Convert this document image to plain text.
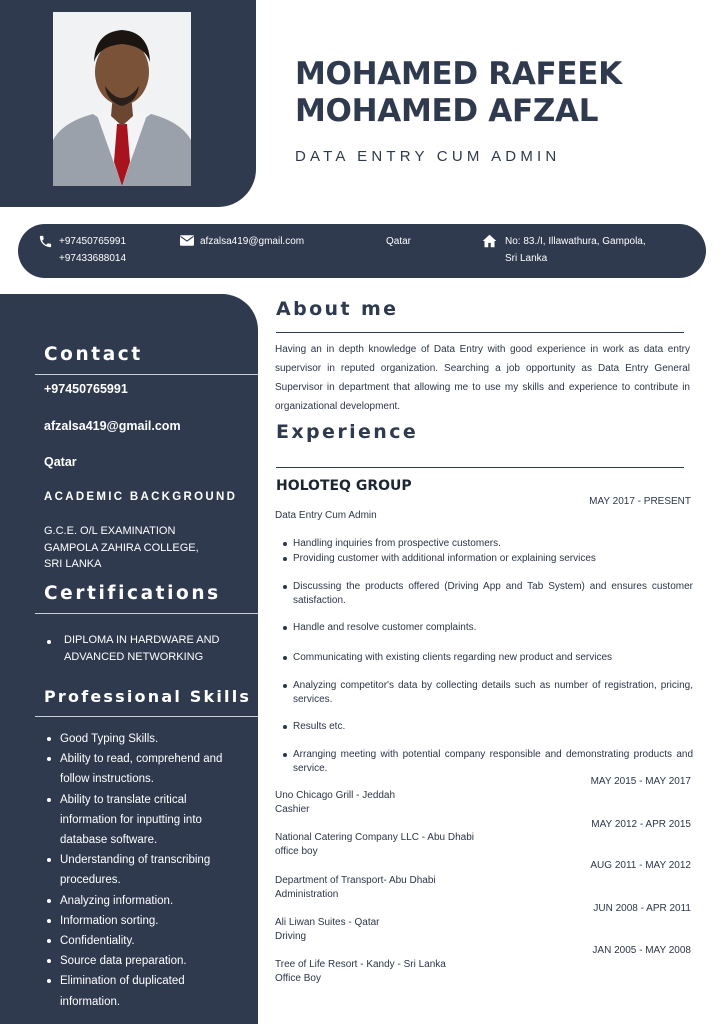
MOHAMED RAFEEK
MOHAMED AFZAL
DATA ENTRY CUM ADMIN
+97450765991
+97433688014
afzalsa419@gmail.com	Qatar	No: 83./I, Illawathura, Gampola,
Sri Lanka
Contact
+97450765991
afzalsa419@gmail.com
Qatar
ACADEMIC BACKGROUND
G.C.E. O/L EXAMINATION
GAMPOLA ZAHIRA COLLEGE,
SRI LANKA
Certifications
DIPLOMA IN HARDWARE AND
ADVANCED NETWORKING
Professional Skills
Good Typing Skills.
Ability to read, comprehend and
follow instructions.
Ability to translate critical
information for inputting into
database software.
Understanding of transcribing
procedures.
Analyzing information.
Information sorting.
Confidentiality.
Source data preparation.
Elimination of duplicated
information.
About me
Having an in depth knowledge of Data Entry with good experience in work as data entry supervisor in reputed organization. Searching a job opportunity as Data Entry General Supervisor in department that allowing me to use my skills and experience to contribute in organizational development.
Experience
HOLOTEQ GROUP
MAY 2017 - PRESENT
Data Entry Cum Admin
Handling inquiries from prospective customers.
Providing customer with additional information or explaining services
Discussing the products offered (Driving App and Tab System) and ensures customer satisfaction.
Handle and resolve customer complaints.
Communicating with existing clients regarding new product and services
Analyzing competitor's data by collecting details such as number of registration, pricing, services.
Results etc.
Arranging meeting with potential company responsible and demonstrating products and service.
MAY 2015 - MAY 2017
Uno Chicago Grill - Jeddah
Cashier
MAY 2012 - APR 2015
National Catering Company LLC - Abu Dhabi
office boy
AUG 2011 - MAY 2012
Department of Transport- Abu Dhabi
Administration
JUN 2008 - APR 2011
Ali Liwan Suites - Qatar
Driving
JAN 2005 - MAY 2008
Tree of Life Resort - Kandy - Sri Lanka
Office Boy
